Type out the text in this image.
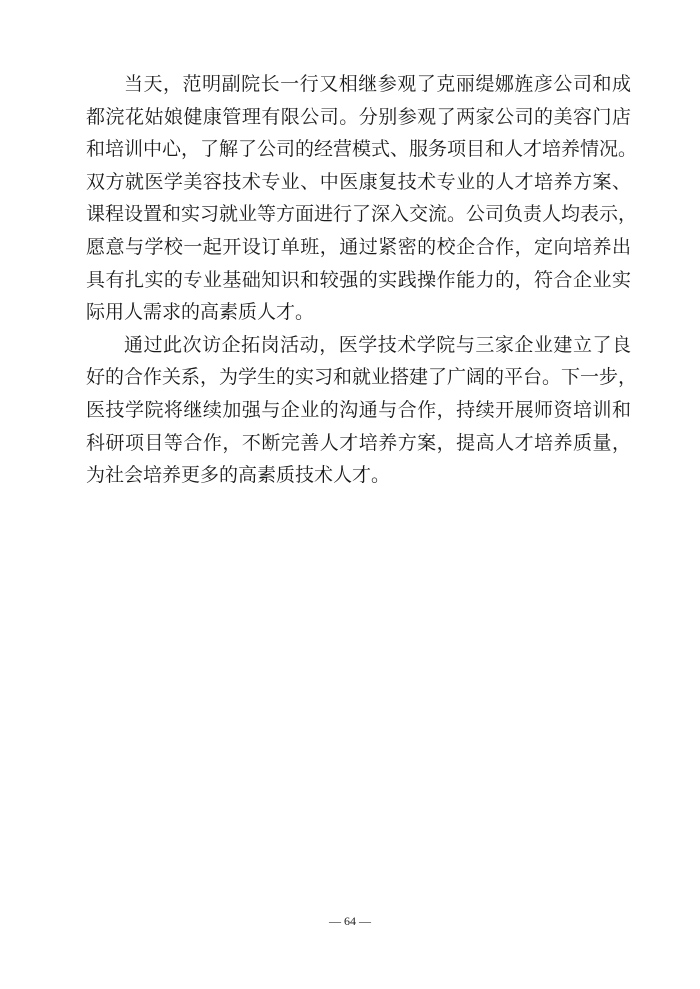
当天，范明副院长一行又相继参观了克丽缇娜旌彦公司和成
都浣花姑娘健康管理有限公司。分别参观了两家公司的美容门店
和培训中心，了解了公司的经营模式、服务项目和人才培养情况。
双方就医学美容技术专业、中医康复技术专业的人才培养方案、
课程设置和实习就业等方面进行了深入交流。公司负责人均表示，
愿意与学校一起开设订单班，通过紧密的校企合作，定向培养出
具有扎实的专业基础知识和较强的实践操作能力的，符合企业实
际用人需求的高素质人才。

通过此次访企拓岗活动，医学技术学院与三家企业建立了良
好的合作关系，为学生的实习和就业搭建了广阔的平台。下一步，
医技学院将继续加强与企业的沟通与合作，持续开展师资培训和
科研项目等合作，不断完善人才培养方案，提高人才培养质量，
为社会培养更多的高素质技术人才。

— 64 —
